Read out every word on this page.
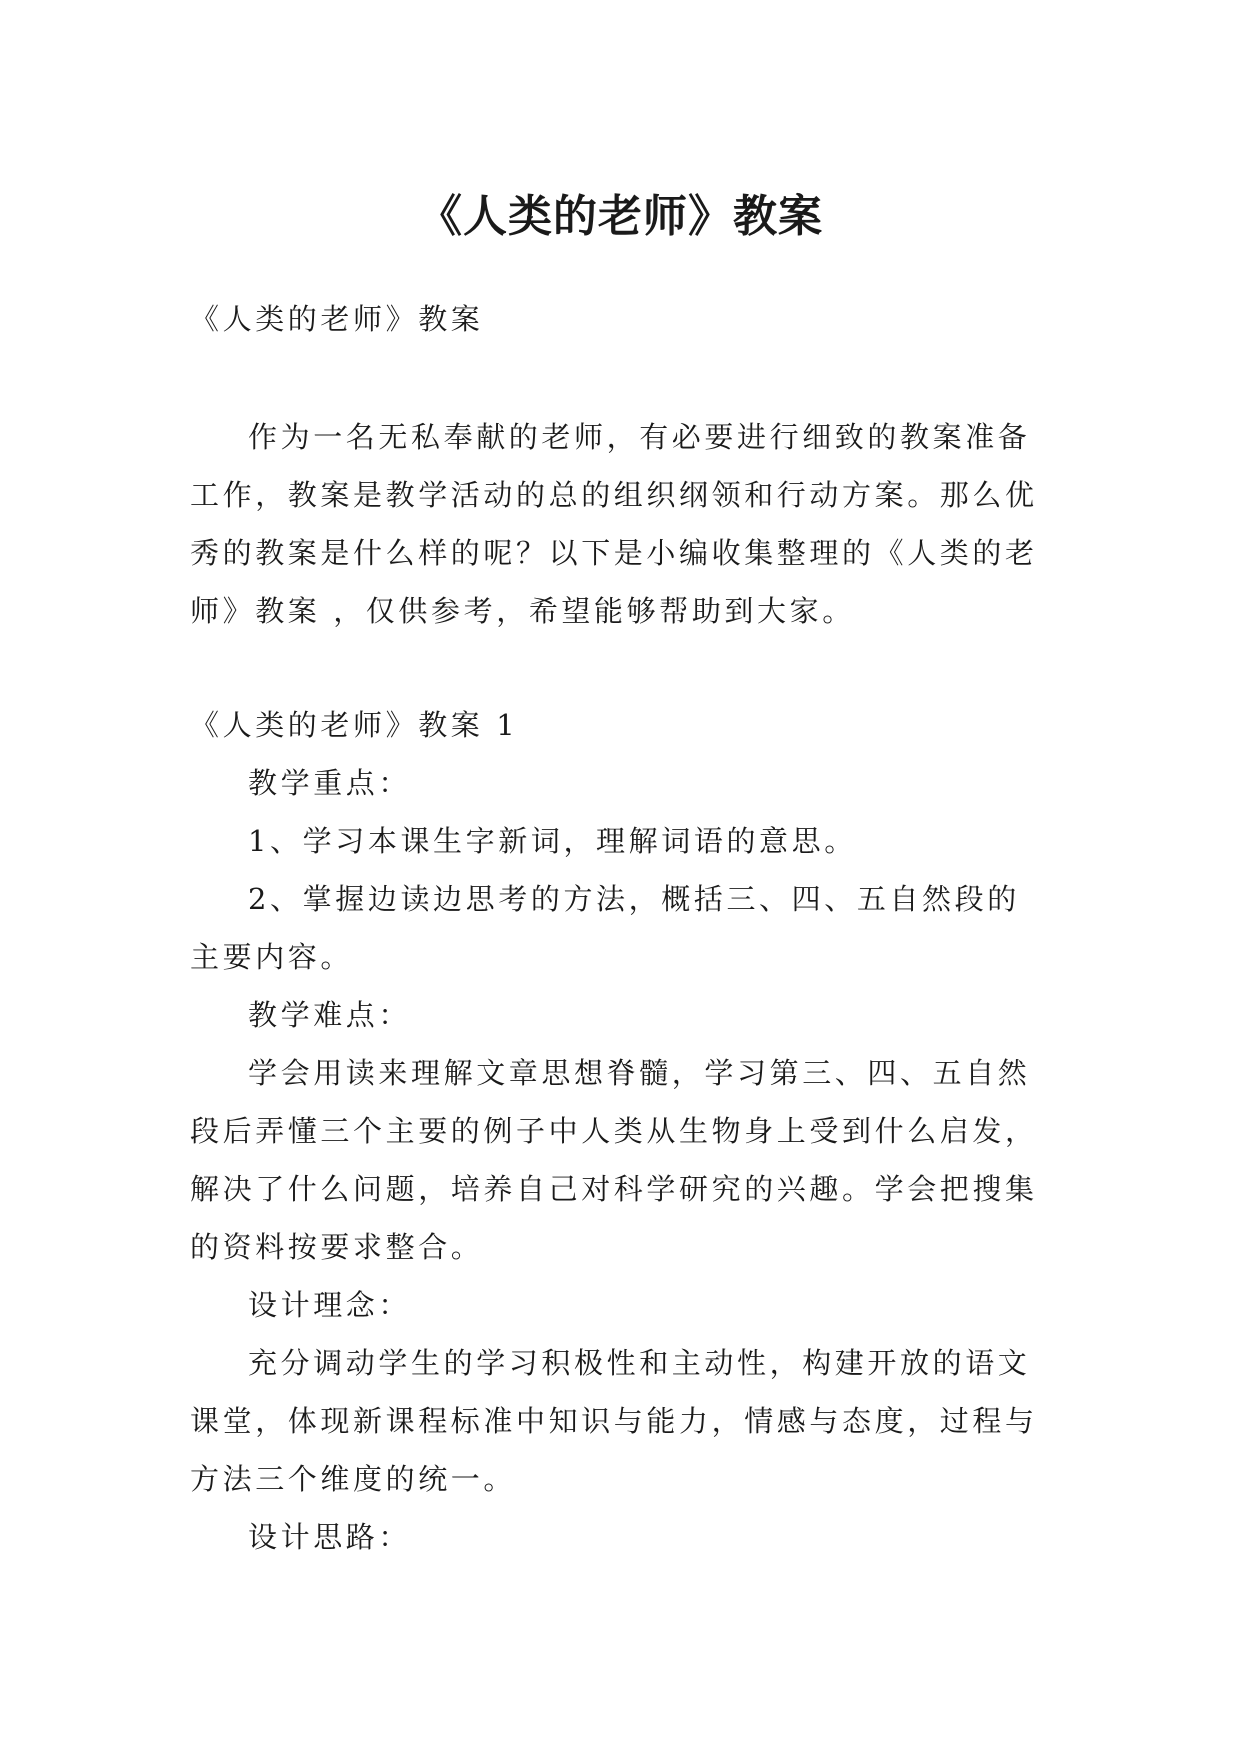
《人类的老师》教案

《人类的老师》教案

作为一名无私奉献的老师，有必要进行细致的教案准备工作，教案是教学活动的总的组织纲领和行动方案。那么优秀的教案是什么样的呢？以下是小编收集整理的《人类的老师》教案 ，仅供参考，希望能够帮助到大家。

《人类的老师》教案 1

教学重点：

1、学习本课生字新词，理解词语的意思。

2、掌握边读边思考的方法，概括三、四、五自然段的主要内容。

教学难点：

学会用读来理解文章思想脊髓，学习第三、四、五自然段后弄懂三个主要的例子中人类从生物身上受到什么启发，解决了什么问题，培养自己对科学研究的兴趣。学会把搜集的资料按要求整合。

设计理念：

充分调动学生的学习积极性和主动性，构建开放的语文课堂，体现新课程标准中知识与能力，情感与态度，过程与方法三个维度的统一。

设计思路：
